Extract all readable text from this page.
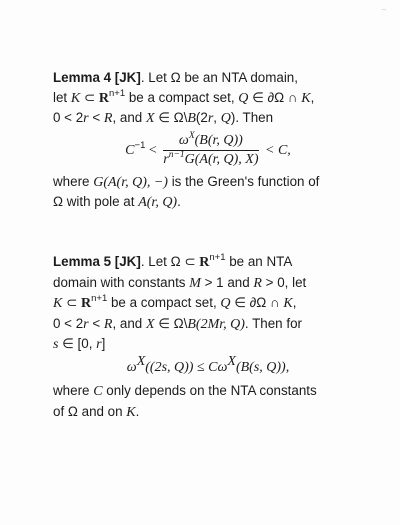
~
Lemma 4 [JK]. Let Ω be an NTA domain,
let K ⊂ $R^{n+1}$ be a compact set, Q ∈ ∂Ω ∩ K,
0 < 2r < R, and X ∈ Ω\B(2r, Q). Then
$C^{-1} < \frac{\omega^X(B(r, Q))}{r^{n-1}G(A(r, Q), X)} < C$,
where G(A(r, Q), −) is the Green's function of
Ω with pole at A(r, Q).
Lemma 5 [JK]. Let Ω ⊂ $R^{n+1}$ be an NTA
domain with constants M > 1 and R > 0, let
K ⊂ $R^{n+1}$ be a compact set, Q ∈ ∂Ω ∩ K,
0 < 2r < R, and X ∈ Ω\B(2Mr, Q). Then for
s ∈ [0, r]
$\omega^X((2s$, $Q)) \le C\omega^X(B(s$, Q)),
where C only depends on the NTA constants
of Ω and on K.
